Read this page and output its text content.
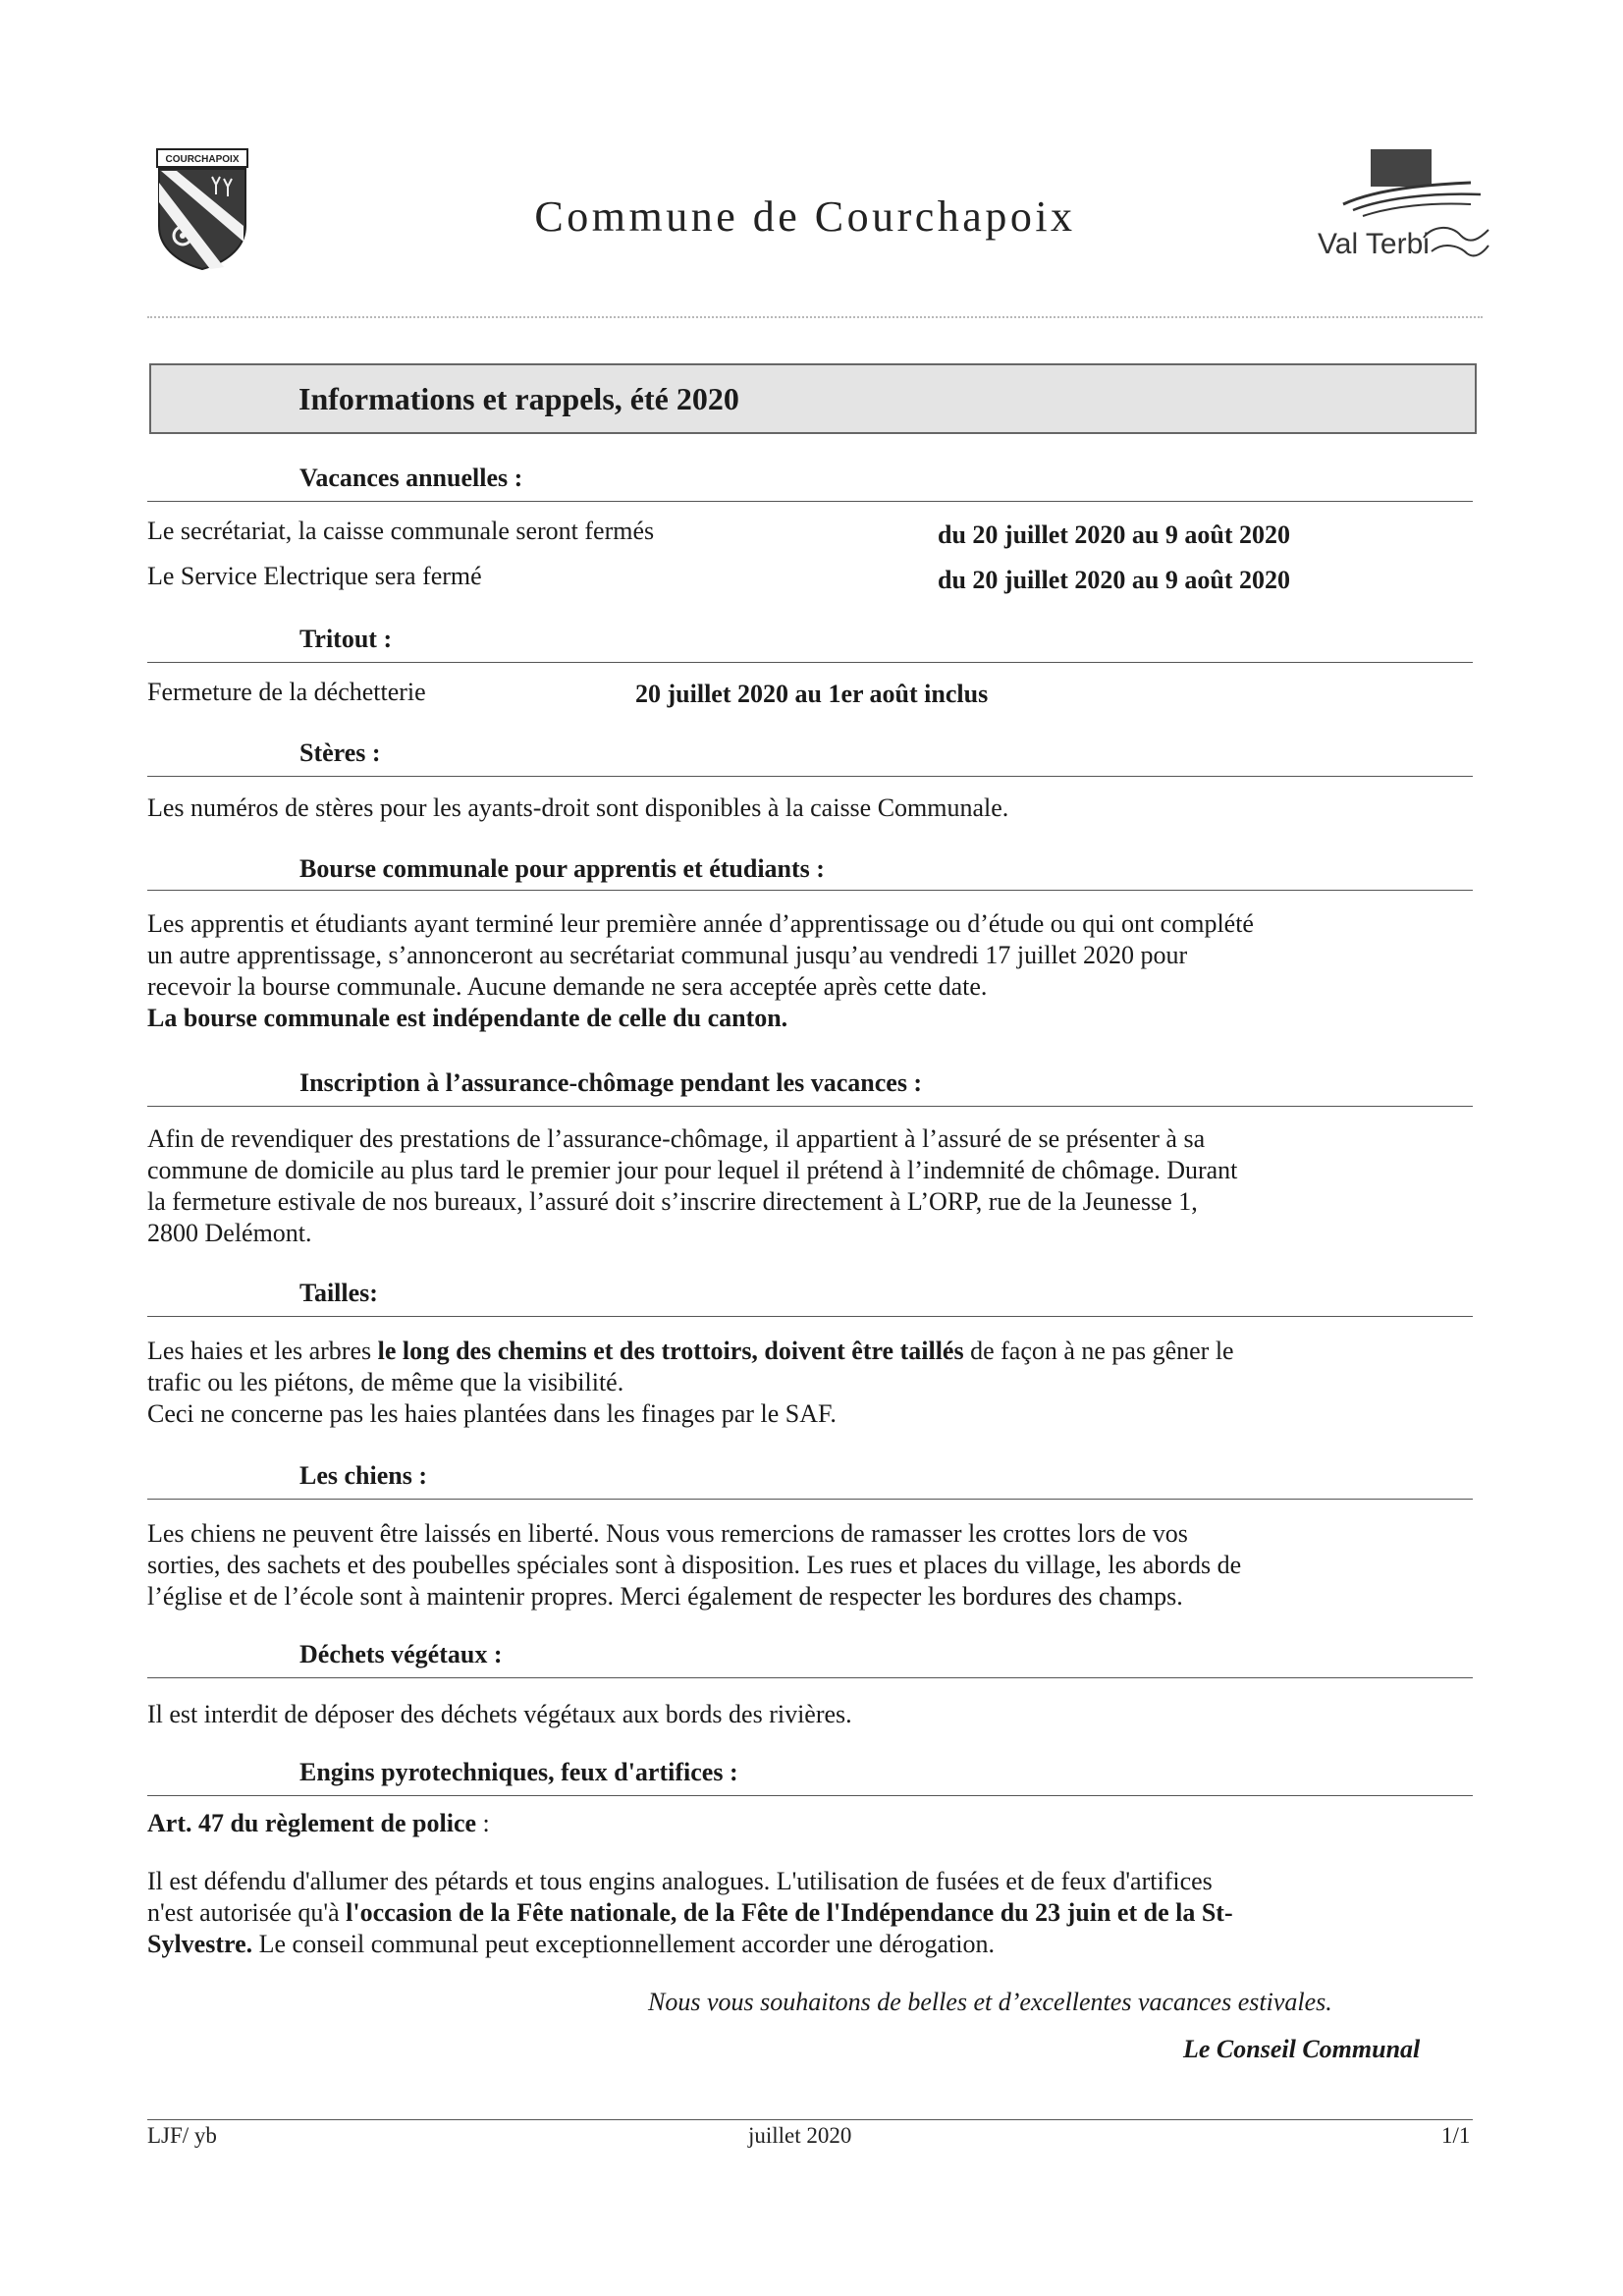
COURCHAPOIX
Commune de Courchapoix
Val Terbi
Informations et rappels, été 2020
Vacances annuelles :
Le secrétariat, la caisse communale seront fermés	du 20 juillet 2020 au 9 août 2020
Le Service Electrique sera fermé	du 20 juillet 2020 au 9 août 2020
Tritout :
Fermeture de la déchetterie	20 juillet 2020 au 1er août inclus
Stères :
Les numéros de stères pour les ayants-droit sont disponibles à la caisse Communale.
Bourse communale pour apprentis et étudiants :
Les apprentis et étudiants ayant terminé leur première année d’apprentissage ou d’étude ou qui ont complété
un autre apprentissage, s’annonceront au secrétariat communal jusqu’au vendredi 17 juillet 2020 pour
recevoir la bourse communale. Aucune demande ne sera acceptée après cette date.
La bourse communale est indépendante de celle du canton.
Inscription à l’assurance-chômage pendant les vacances :
Afin de revendiquer des prestations de l’assurance-chômage, il appartient à l’assuré de se présenter à sa
commune de domicile au plus tard le premier jour pour lequel il prétend à l’indemnité de chômage. Durant
la fermeture estivale de nos bureaux, l’assuré doit s’inscrire directement à L’ORP, rue de la Jeunesse 1,
2800 Delémont.
Tailles:
Les haies et les arbres le long des chemins et des trottoirs, doivent être taillés de façon à ne pas gêner le
trafic ou les piétons, de même que la visibilité.
Ceci ne concerne pas les haies plantées dans les finages par le SAF.
Les chiens :
Les chiens ne peuvent être laissés en liberté. Nous vous remercions de ramasser les crottes lors de vos
sorties, des sachets et des poubelles spéciales sont à disposition. Les rues et places du village, les abords de
l’église et de l’école sont à maintenir propres. Merci également de respecter les bordures des champs.
Déchets végétaux :
Il est interdit de déposer des déchets végétaux aux bords des rivières.
Engins pyrotechniques, feux d'artifices :
Art. 47 du règlement de police :
Il est défendu d'allumer des pétards et tous engins analogues. L'utilisation de fusées et de feux d'artifices
n'est autorisée qu'à l'occasion de la Fête nationale, de la Fête de l'Indépendance du 23 juin et de la St-
Sylvestre. Le conseil communal peut exceptionnellement accorder une dérogation.
Nous vous souhaitons de belles et d’excellentes vacances estivales.
Le Conseil Communal
LJF/ yb	juillet 2020	1/1
